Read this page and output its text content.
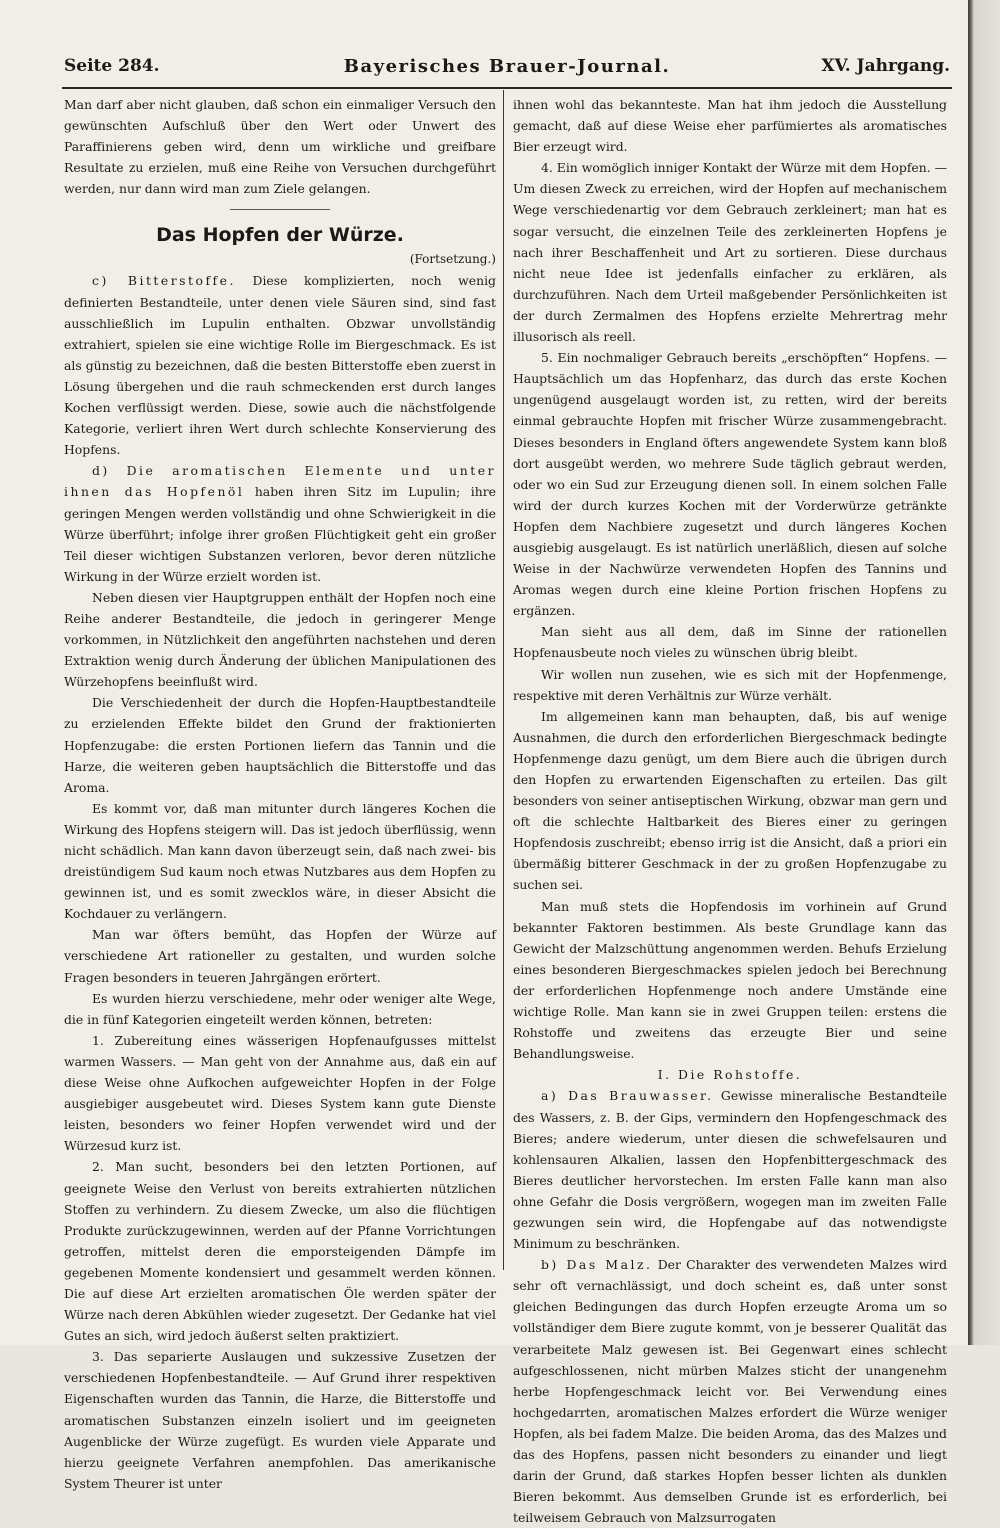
Seite 284.	Bayerisches Brauer-Journal.	XV. Jahrgang.

Man darf aber nicht glauben, daß schon ein einmaliger Versuch den gewünschten Aufschluß über den Wert oder Unwert des Paraffinierens geben wird, denn um wirkliche und greifbare Resultate zu erzielen, muß eine Reihe von Versuchen durchgeführt werden, nur dann wird man zum Ziele gelangen.

Das Hopfen der Würze.
(Fortsetzung.)

c) Bitterstoffe. Diese komplizierten, noch wenig definierten Bestandteile, unter denen viele Säuren sind, sind fast ausschließlich im Lupulin enthalten. Obzwar unvollständig extrahiert, spielen sie eine wichtige Rolle im Biergeschmack. Es ist als günstig zu bezeichnen, daß die besten Bitterstoffe eben zuerst in Lösung übergehen und die rauh schmeckenden erst durch langes Kochen verflüssigt werden. Diese, sowie auch die nächstfolgende Kategorie, verliert ihren Wert durch schlechte Konservierung des Hopfens.

d) Die aromatischen Elemente und unter ihnen das Hopfenöl haben ihren Sitz im Lupulin; ihre geringen Mengen werden vollständig und ohne Schwierigkeit in die Würze überführt; infolge ihrer großen Flüchtigkeit geht ein großer Teil dieser wichtigen Substanzen verloren, bevor deren nützliche Wirkung in der Würze erzielt worden ist.

Neben diesen vier Hauptgruppen enthält der Hopfen noch eine Reihe anderer Bestandteile, die jedoch in geringerer Menge vorkommen, in Nützlichkeit den angeführten nachstehen und deren Extraktion wenig durch Änderung der üblichen Manipulationen des Würzehopfens beeinflußt wird.

Die Verschiedenheit der durch die Hopfen-Hauptbestandteile zu erzielenden Effekte bildet den Grund der fraktionierten Hopfenzugabe: die ersten Portionen liefern das Tannin und die Harze, die weiteren geben hauptsächlich die Bitterstoffe und das Aroma.

Es kommt vor, daß man mitunter durch längeres Kochen die Wirkung des Hopfens steigern will. Das ist jedoch überflüssig, wenn nicht schädlich. Man kann davon überzeugt sein, daß nach zwei- bis dreistündigem Sud kaum noch etwas Nutzbares aus dem Hopfen zu gewinnen ist, und es somit zwecklos wäre, in dieser Absicht die Kochdauer zu verlängern.

Man war öfters bemüht, das Hopfen der Würze auf verschiedene Art rationeller zu gestalten, und wurden solche Fragen besonders in teueren Jahrgängen erörtert.

Es wurden hierzu verschiedene, mehr oder weniger alte Wege, die in fünf Kategorien eingeteilt werden können, betreten:

1. Zubereitung eines wässerigen Hopfenaufgusses mittelst warmen Wassers. — Man geht von der Annahme aus, daß ein auf diese Weise ohne Aufkochen aufgeweichter Hopfen in der Folge ausgiebiger ausgebeutet wird. Dieses System kann gute Dienste leisten, besonders wo feiner Hopfen verwendet wird und der Würzesud kurz ist.

2. Man sucht, besonders bei den letzten Portionen, auf geeignete Weise den Verlust von bereits extrahierten nützlichen Stoffen zu verhindern. Zu diesem Zwecke, um also die flüchtigen Produkte zurückzugewinnen, werden auf der Pfanne Vorrichtungen getroffen, mittelst deren die emporsteigenden Dämpfe im gegebenen Momente kondensiert und gesammelt werden können. Die auf diese Art erzielten aromatischen Öle werden später der Würze nach deren Abkühlen wieder zugesetzt. Der Gedanke hat viel Gutes an sich, wird jedoch äußerst selten praktiziert.

3. Das separierte Auslaugen und sukzessive Zusetzen der verschiedenen Hopfenbestandteile. — Auf Grund ihrer respektiven Eigenschaften wurden das Tannin, die Harze, die Bitterstoffe und aromatischen Substanzen einzeln isoliert und im geeigneten Augenblicke der Würze zugefügt. Es wurden viele Apparate und hierzu geeignete Verfahren anempfohlen. Das amerikanische System Theurer ist unter

ihnen wohl das bekannteste. Man hat ihm jedoch die Ausstellung gemacht, daß auf diese Weise eher parfümiertes als aromatisches Bier erzeugt wird.

4. Ein womöglich inniger Kontakt der Würze mit dem Hopfen. — Um diesen Zweck zu erreichen, wird der Hopfen auf mechanischem Wege verschiedenartig vor dem Gebrauch zerkleinert; man hat es sogar versucht, die einzelnen Teile des zerkleinerten Hopfens je nach ihrer Beschaffenheit und Art zu sortieren. Diese durchaus nicht neue Idee ist jedenfalls einfacher zu erklären, als durchzuführen. Nach dem Urteil maßgebender Persönlichkeiten ist der durch Zermalmen des Hopfens erzielte Mehrertrag mehr illusorisch als reell.

5. Ein nochmaliger Gebrauch bereits „erschöpften“ Hopfens. — Hauptsächlich um das Hopfenharz, das durch das erste Kochen ungenügend ausgelaugt worden ist, zu retten, wird der bereits einmal gebrauchte Hopfen mit frischer Würze zusammengebracht. Dieses besonders in England öfters angewendete System kann bloß dort ausgeübt werden, wo mehrere Sude täglich gebraut werden, oder wo ein Sud zur Erzeugung dienen soll. In einem solchen Falle wird der durch kurzes Kochen mit der Vorderwürze getränkte Hopfen dem Nachbiere zugesetzt und durch längeres Kochen ausgiebig ausgelaugt. Es ist natürlich unerläßlich, diesen auf solche Weise in der Nachwürze verwendeten Hopfen des Tannins und Aromas wegen durch eine kleine Portion frischen Hopfens zu ergänzen.

Man sieht aus all dem, daß im Sinne der rationellen Hopfenausbeute noch vieles zu wünschen übrig bleibt.

Wir wollen nun zusehen, wie es sich mit der Hopfenmenge, respektive mit deren Verhältnis zur Würze verhält.

Im allgemeinen kann man behaupten, daß, bis auf wenige Ausnahmen, die durch den erforderlichen Biergeschmack bedingte Hopfenmenge dazu genügt, um dem Biere auch die übrigen durch den Hopfen zu erwartenden Eigenschaften zu erteilen. Das gilt besonders von seiner antiseptischen Wirkung, obzwar man gern und oft die schlechte Haltbarkeit des Bieres einer zu geringen Hopfendosis zuschreibt; ebenso irrig ist die Ansicht, daß a priori ein übermäßig bitterer Geschmack in der zu großen Hopfenzugabe zu suchen sei.

Man muß stets die Hopfendosis im vorhinein auf Grund bekannter Faktoren bestimmen. Als beste Grundlage kann das Gewicht der Malzschüttung angenommen werden. Behufs Erzielung eines besonderen Biergeschmackes spielen jedoch bei Berechnung der erforderlichen Hopfenmenge noch andere Umstände eine wichtige Rolle. Man kann sie in zwei Gruppen teilen: erstens die Rohstoffe und zweitens das erzeugte Bier und seine Behandlungsweise.

I. Die Rohstoffe.

a) Das Brauwasser. Gewisse mineralische Bestandteile des Wassers, z. B. der Gips, vermindern den Hopfengeschmack des Bieres; andere wiederum, unter diesen die schwefelsauren und kohlensauren Alkalien, lassen den Hopfenbittergeschmack des Bieres deutlicher hervorstechen. Im ersten Falle kann man also ohne Gefahr die Dosis vergrößern, wogegen man im zweiten Falle gezwungen sein wird, die Hopfengabe auf das notwendigste Minimum zu beschränken.

b) Das Malz. Der Charakter des verwendeten Malzes wird sehr oft vernachlässigt, und doch scheint es, daß unter sonst gleichen Bedingungen das durch Hopfen erzeugte Aroma um so vollständiger dem Biere zugute kommt, von je besserer Qualität das verarbeitete Malz gewesen ist. Bei Gegenwart eines schlecht aufgeschlossenen, nicht mürben Malzes sticht der unangenehm herbe Hopfengeschmack leicht vor. Bei Verwendung eines hochgedarrten, aromatischen Malzes erfordert die Würze weniger Hopfen, als bei fadem Malze. Die beiden Aroma, das des Malzes und das des Hopfens, passen nicht besonders zu einander und liegt darin der Grund, daß starkes Hopfen besser lichten als dunklen Bieren bekommt. Aus demselben Grunde ist es erforderlich, bei teilweisem Gebrauch von Malzsurrogaten
